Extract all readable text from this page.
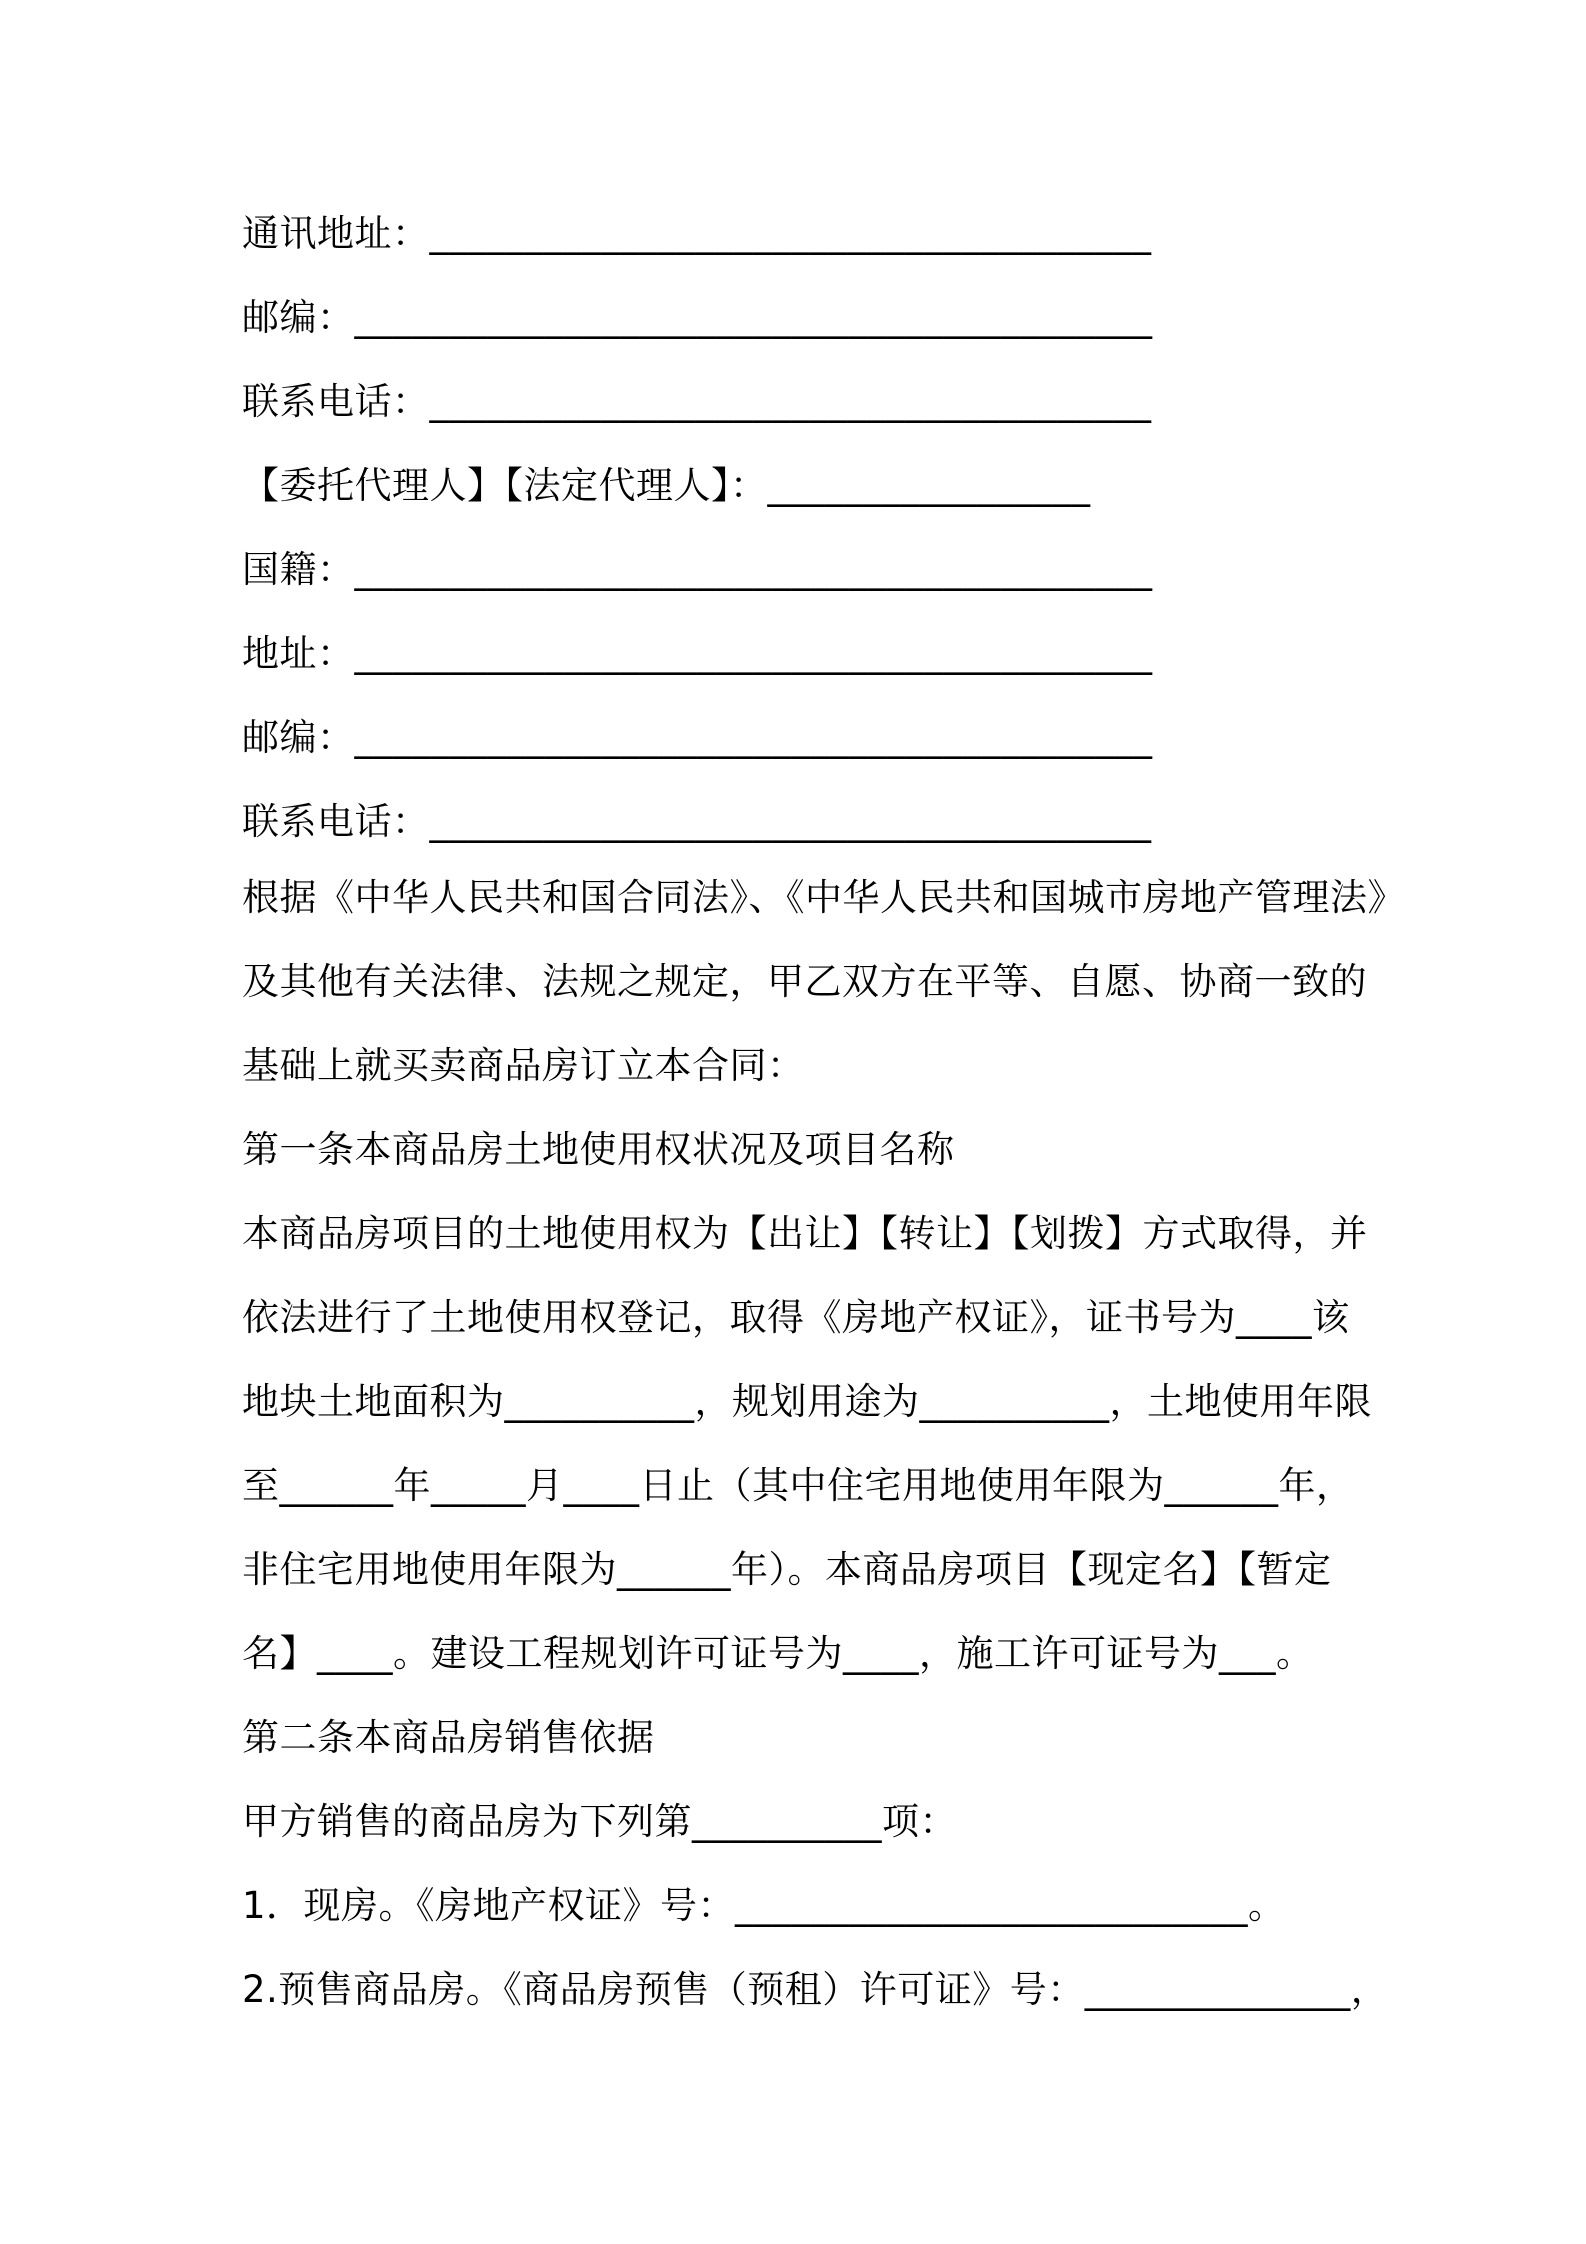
通讯地址：______________________________________
邮编：__________________________________________
联系电话：______________________________________
【委托代理人】【法定代理人】：_________________
国籍：__________________________________________
地址：__________________________________________
邮编：__________________________________________
联系电话：______________________________________
根据《中华人民共和国合同法》、《中华人民共和国城市房地产管理法》
及其他有关法律、法规之规定，甲乙双方在平等、自愿、协商一致的
基础上就买卖商品房订立本合同：
第一条本商品房土地使用权状况及项目名称
本商品房项目的土地使用权为【出让】【转让】【划拨】方式取得，并
依法进行了土地使用权登记，取得《房地产权证》，证书号为____该
地块土地面积为__________，规划用途为__________，土地使用年限
至______年_____月____日止（其中住宅用地使用年限为______年，
非住宅用地使用年限为______年）。本商品房项目【现定名】【暂定
名】____。建设工程规划许可证号为____，施工许可证号为___。
第二条本商品房销售依据
甲方销售的商品房为下列第__________项：
1．现房。《房地产权证》号：___________________________。
2.预售商品房。《商品房预售（预租）许可证》号：______________，
